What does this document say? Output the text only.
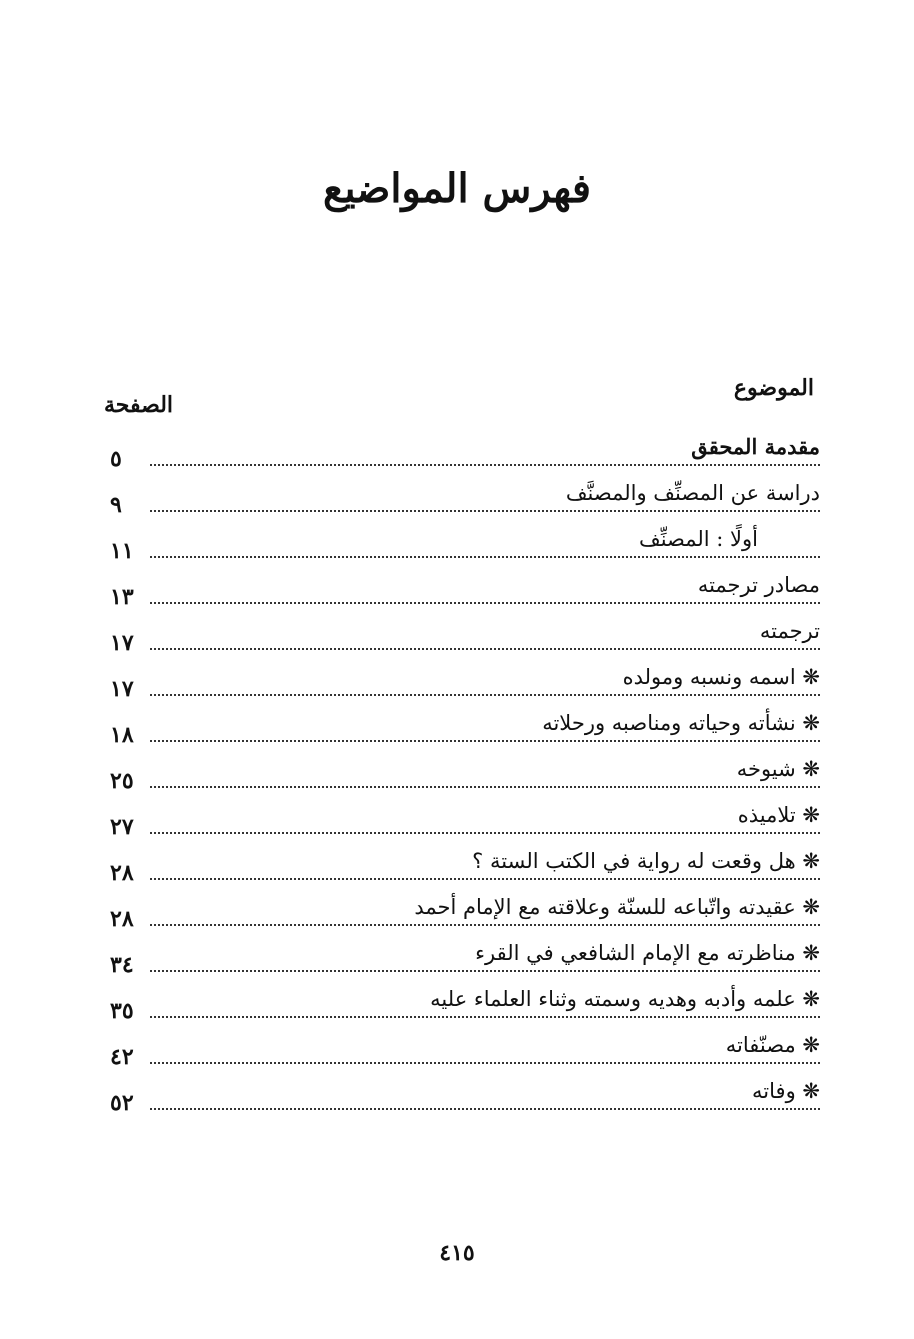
فهرس المواضيع
الموضوع
الصفحة
مقدمة المحقق
٥
دراسة عن المصنِّف والمصنَّف
٩
أولًا : المصنِّف
١١
مصادر ترجمته
١٣
ترجمته
١٧
❋ اسمه ونسبه ومولده
١٧
❋ نشأته وحياته ومناصبه ورحلاته
١٨
❋ شيوخه
٢٥
❋ تلاميذه
٢٧
❋ هل وقعت له رواية في الكتب الستة ؟
٢٨
❋ عقيدته واتّباعه للسنّة وعلاقته مع الإمام أحمد
٢٨
❋ مناظرته مع الإمام الشافعي في القرء
٣٤
❋ علمه وأدبه وهديه وسمته وثناء العلماء عليه
٣٥
❋ مصنّفاته
٤٢
❋ وفاته
٥٢
٤١٥
